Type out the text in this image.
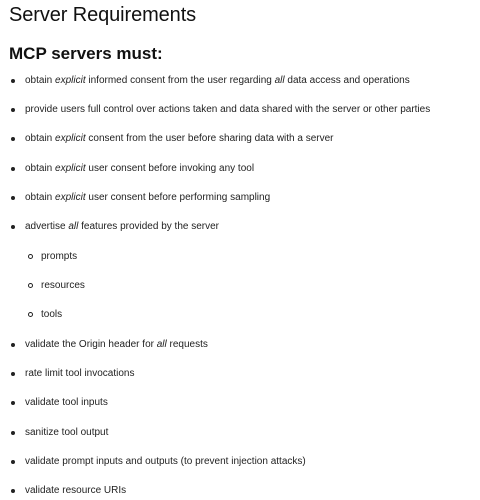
Server Requirements
MCP servers must:
obtain explicit informed consent from the user regarding all data access and operations
provide users full control over actions taken and data shared with the server or other parties
obtain explicit consent from the user before sharing data with a server
obtain explicit user consent before invoking any tool
obtain explicit user consent before performing sampling
advertise all features provided by the server
prompts
resources
tools
validate the Origin header for all requests
rate limit tool invocations
validate tool inputs
sanitize tool output
validate prompt inputs and outputs (to prevent injection attacks)
validate resource URIs
